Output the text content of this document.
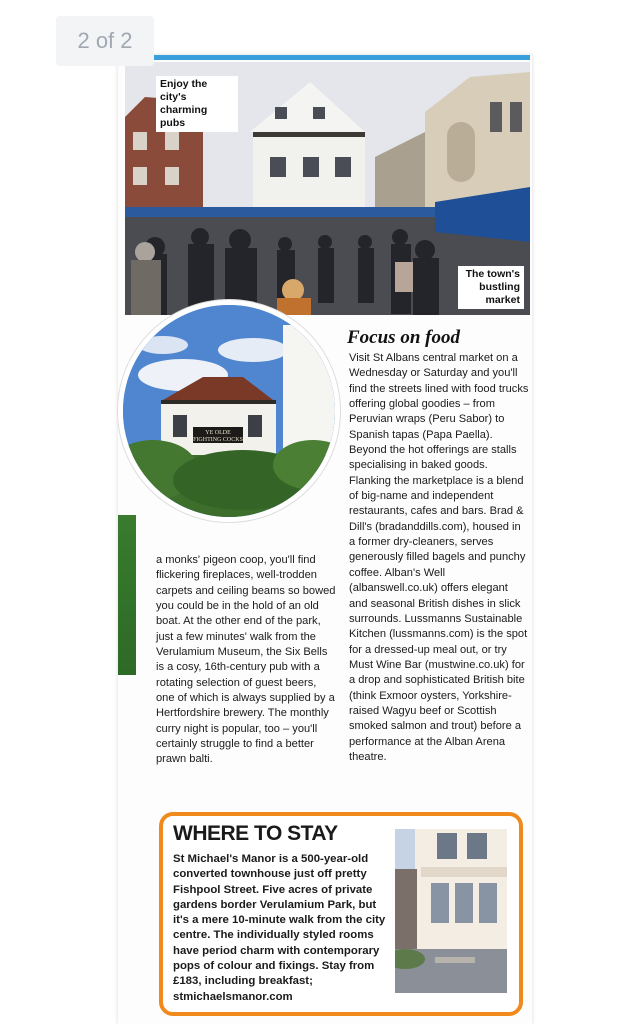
2 of 2
The town's bustling market
YE OLDE
FIGHTING COCKS
Enjoy the city's charming pubs
Focus on food

Visit St Albans central market on a Wednesday or Saturday and you'll find the streets lined with food trucks offering global goodies – from Peruvian wraps (Peru Sabor) to Spanish tapas (Papa Paella). Beyond the hot offerings are stalls specialising in baked goods. Flanking the marketplace is a blend of big-name and independent restaurants, cafes and bars. Brad & Dill's (bradanddills.com), housed in a former dry-cleaners, serves generously filled bagels and punchy coffee. Alban's Well (albanswell.co.uk) offers elegant and seasonal British dishes in slick surrounds. Lussmanns Sustainable Kitchen (lussmanns.com) is the spot for a dressed-up meal out, or try Must Wine Bar (mustwine.co.uk) for a drop and sophisticated British bite (think Exmoor oysters, Yorkshire-raised Wagyu beef or Scottish smoked salmon and trout) before a performance at the Alban Arena theatre.

a monks' pigeon coop, you'll find flickering fireplaces, well-trodden carpets and ceiling beams so bowed you could be in the hold of an old boat. At the other end of the park, just a few minutes' walk from the Verulamium Museum, the Six Bells is a cosy, 16th-century pub with a rotating selection of guest beers, one of which is always supplied by a Hertfordshire brewery. The monthly curry night is popular, too – you'll certainly struggle to find a better prawn balti.

WHERE TO STAY
St Michael's Manor is a 500-year-old converted townhouse just off pretty Fishpool Street. Five acres of private gardens border Verulamium Park, but it's a mere 10-minute walk from the city centre. The individually styled rooms have period charm with contemporary pops of colour and fixings. Stay from £183, including breakfast; stmichaelsmanor.com
